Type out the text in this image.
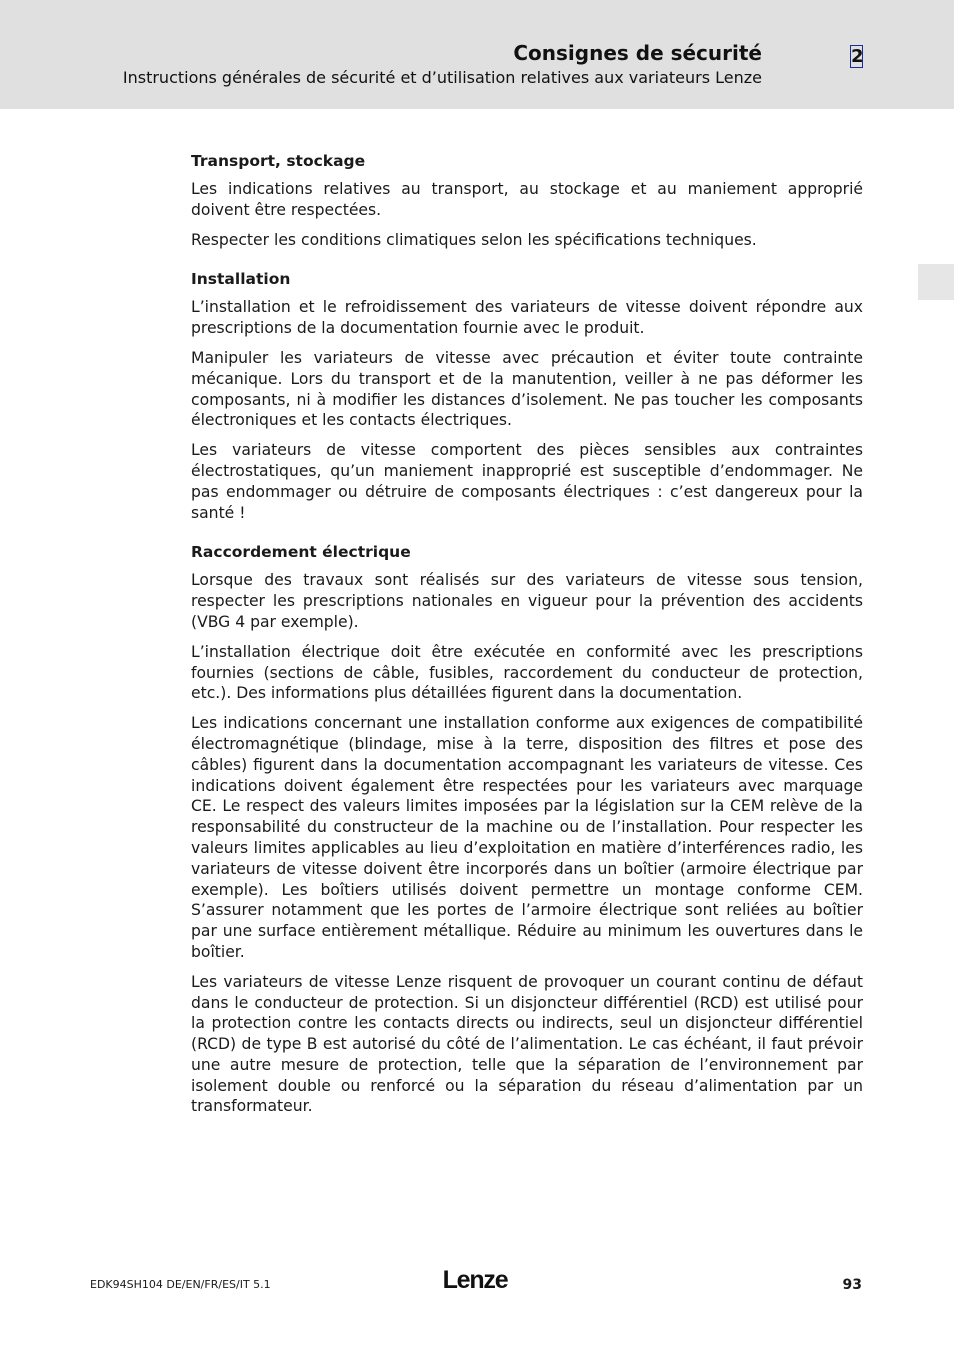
Consignes de sécurité
Instructions générales de sécurité et d’utilisation relatives aux variateurs Lenze
2
Transport, stockage

Les indications relatives au transport, au stockage et au maniement approprié doivent être respectées.

Respecter les conditions climatiques selon les spécifications techniques.

Installation

L’installation et le refroidissement des variateurs de vitesse doivent répondre aux prescriptions de la documentation fournie avec le produit.

Manipuler les variateurs de vitesse avec précaution et éviter toute contrainte mécanique. Lors du transport et de la manutention, veiller à ne pas déformer les composants, ni à modifier les distances d’isolement. Ne pas toucher les composants électroniques et les contacts électriques.

Les variateurs de vitesse comportent des pièces sensibles aux contraintes électrostatiques, qu’un maniement inapproprié est susceptible d’endommager. Ne pas endommager ou détruire de composants électriques : c’est dangereux pour la santé !

Raccordement électrique

Lorsque des travaux sont réalisés sur des variateurs de vitesse sous tension, respecter les prescriptions nationales en vigueur pour la prévention des accidents (VBG 4 par exemple).

L’installation électrique doit être exécutée en conformité avec les prescriptions fournies (sections de câble, fusibles, raccordement du conducteur de protection, etc.). Des informations plus détaillées figurent dans la documentation.

Les indications concernant une installation conforme aux exigences de compatibilité électromagnétique (blindage, mise à la terre, disposition des filtres et pose des câbles) figurent dans la documentation accompagnant les variateurs de vitesse. Ces indications doivent également être respectées pour les variateurs avec marquage CE. Le respect des valeurs limites imposées par la législation sur la CEM relève de la responsabilité du constructeur de la machine ou de l’installation. Pour respecter les valeurs limites applicables au lieu d’exploitation en matière d’interférences radio, les variateurs de vitesse doivent être incorporés dans un boîtier (armoire électrique par exemple). Les boîtiers utilisés doivent permettre un montage conforme CEM. S’assurer notamment que les portes de l’armoire électrique sont reliées au boîtier par une surface entièrement métallique. Réduire au minimum les ouvertures dans le boîtier.

Les variateurs de vitesse Lenze risquent de provoquer un courant continu de défaut dans le conducteur de protection. Si un disjoncteur différentiel (RCD) est utilisé pour la protection contre les contacts directs ou indirects, seul un disjoncteur différentiel (RCD) de type B est autorisé du côté de l’alimentation. Le cas échéant, il faut prévoir une autre mesure de protection, telle que la séparation de l’environnement par isolement double ou renforcé ou la séparation du réseau d’alimentation par un transformateur.

EDK94SH104 DE/EN/FR/ES/IT 5.1	Lenze	93
